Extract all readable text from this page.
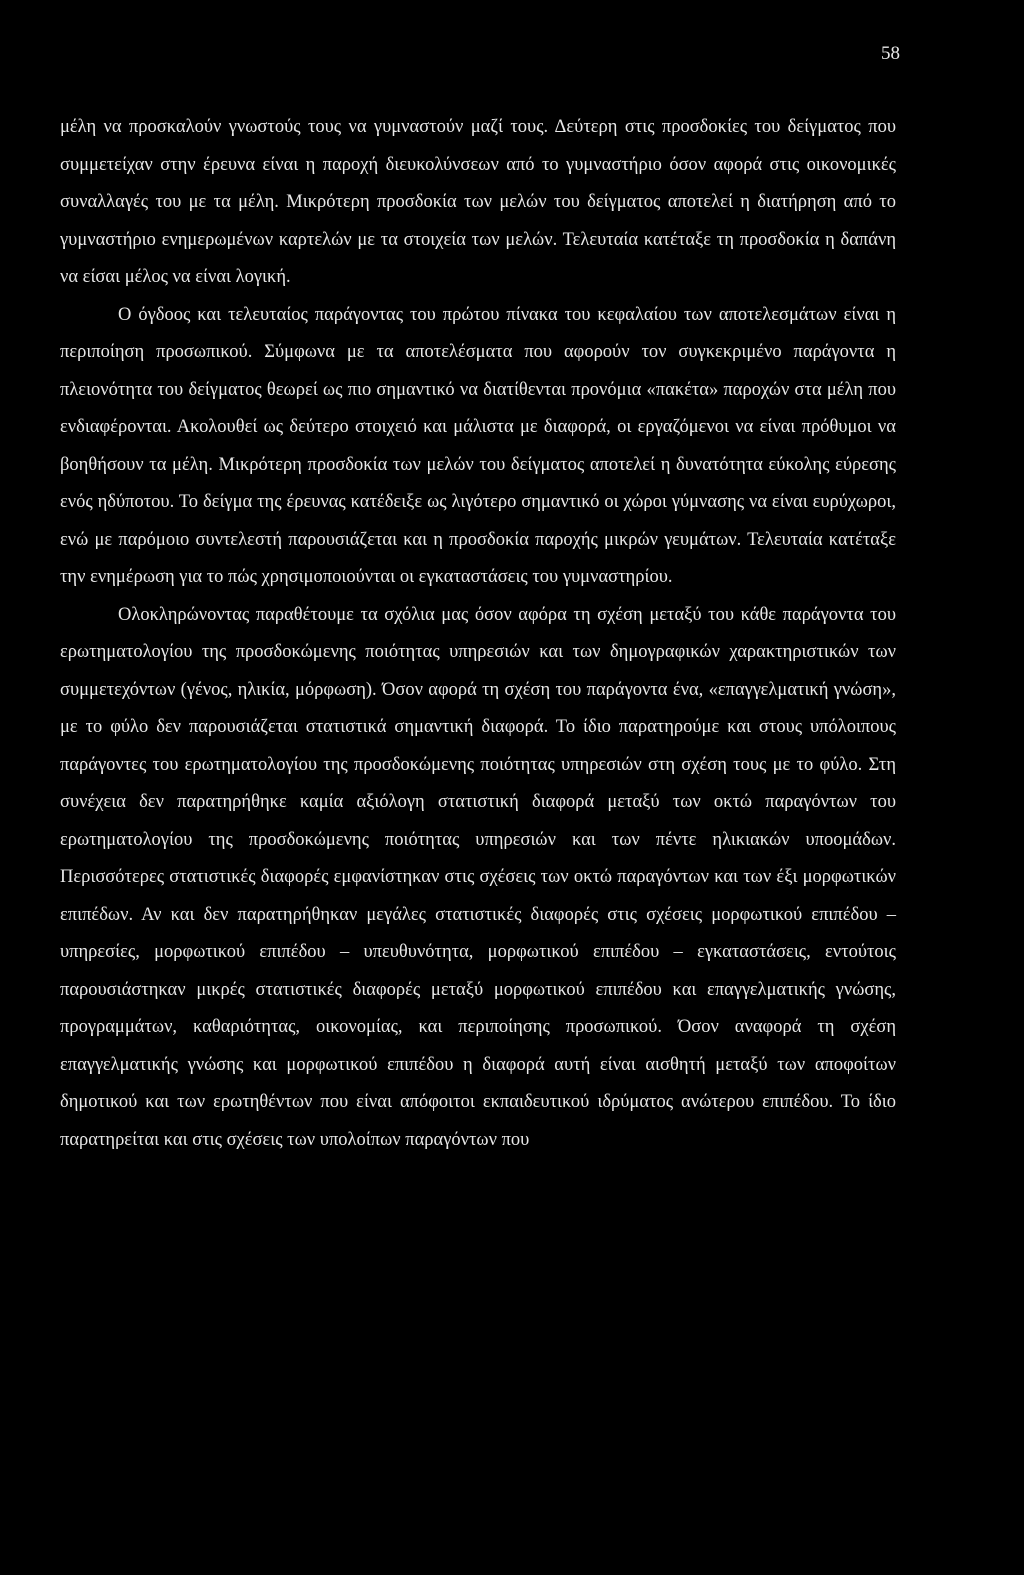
58

μέλη να προσκαλούν γνωστούς τους να γυμναστούν μαζί τους. Δεύτερη στις προσδοκίες του δείγματος που συμμετείχαν στην έρευνα είναι η παροχή διευκολύνσεων από το γυμναστήριο όσον αφορά στις οικονομικές συναλλαγές του με τα μέλη. Μικρότερη προσδοκία των μελών του δείγματος αποτελεί η διατήρηση από το γυμναστήριο ενημερωμένων καρτελών με τα στοιχεία των μελών. Τελευταία κατέταξε τη προσδοκία η δαπάνη να είσαι μέλος να είναι λογική.

Ο όγδοος και τελευταίος παράγοντας του πρώτου πίνακα του κεφαλαίου των αποτελεσμάτων είναι η περιποίηση προσωπικού. Σύμφωνα με τα αποτελέσματα που αφορούν τον συγκεκριμένο παράγοντα η πλειονότητα του δείγματος θεωρεί ως πιο σημαντικό να διατίθενται προνόμια «πακέτα» παροχών στα μέλη που ενδιαφέρονται. Ακολουθεί ως δεύτερο στοιχειό και μάλιστα με διαφορά, οι εργαζόμενοι να είναι πρόθυμοι να βοηθήσουν τα μέλη. Μικρότερη προσδοκία των μελών του δείγματος αποτελεί η δυνατότητα εύκολης εύρεσης ενός ηδύποτου. Το δείγμα της έρευνας κατέδειξε ως λιγότερο σημαντικό οι χώροι γύμνασης να είναι ευρύχωροι, ενώ με παρόμοιο συντελεστή παρουσιάζεται και η προσδοκία παροχής μικρών γευμάτων. Τελευταία κατέταξε την ενημέρωση για το πώς χρησιμοποιούνται οι εγκαταστάσεις του γυμναστηρίου.

Ολοκληρώνοντας παραθέτουμε τα σχόλια μας όσον αφόρα τη σχέση μεταξύ του κάθε παράγοντα του ερωτηματολογίου της προσδοκώμενης ποιότητας υπηρεσιών και των δημογραφικών χαρακτηριστικών των συμμετεχόντων (γένος, ηλικία, μόρφωση). Όσον αφορά τη σχέση του παράγοντα ένα, «επαγγελματική γνώση», με το φύλο δεν παρουσιάζεται στατιστικά σημαντική διαφορά. Το ίδιο παρατηρούμε και στους υπόλοιπους παράγοντες του ερωτηματολογίου της προσδοκώμενης ποιότητας υπηρεσιών στη σχέση τους με το φύλο. Στη συνέχεια δεν παρατηρήθηκε καμία αξιόλογη στατιστική διαφορά μεταξύ των οκτώ παραγόντων του ερωτηματολογίου της προσδοκώμενης ποιότητας υπηρεσιών και των πέντε ηλικιακών υποομάδων. Περισσότερες στατιστικές διαφορές εμφανίστηκαν στις σχέσεις των οκτώ παραγόντων και των έξι μορφωτικών επιπέδων. Αν και δεν παρατηρήθηκαν μεγάλες στατιστικές διαφορές στις σχέσεις μορφωτικού επιπέδου – υπηρεσίες, μορφωτικού επιπέδου – υπευθυνότητα, μορφωτικού επιπέδου – εγκαταστάσεις, εντούτοις παρουσιάστηκαν μικρές στατιστικές διαφορές μεταξύ μορφωτικού επιπέδου και επαγγελματικής γνώσης, προγραμμάτων, καθαριότητας, οικονομίας, και περιποίησης προσωπικού. Όσον αναφορά τη σχέση επαγγελματικής γνώσης και μορφωτικού επιπέδου η διαφορά αυτή είναι αισθητή μεταξύ των αποφοίτων δημοτικού και των ερωτηθέντων που είναι απόφοιτοι εκπαιδευτικού ιδρύματος ανώτερου επιπέδου. Το ίδιο παρατηρείται και στις σχέσεις των υπολοίπων παραγόντων που
